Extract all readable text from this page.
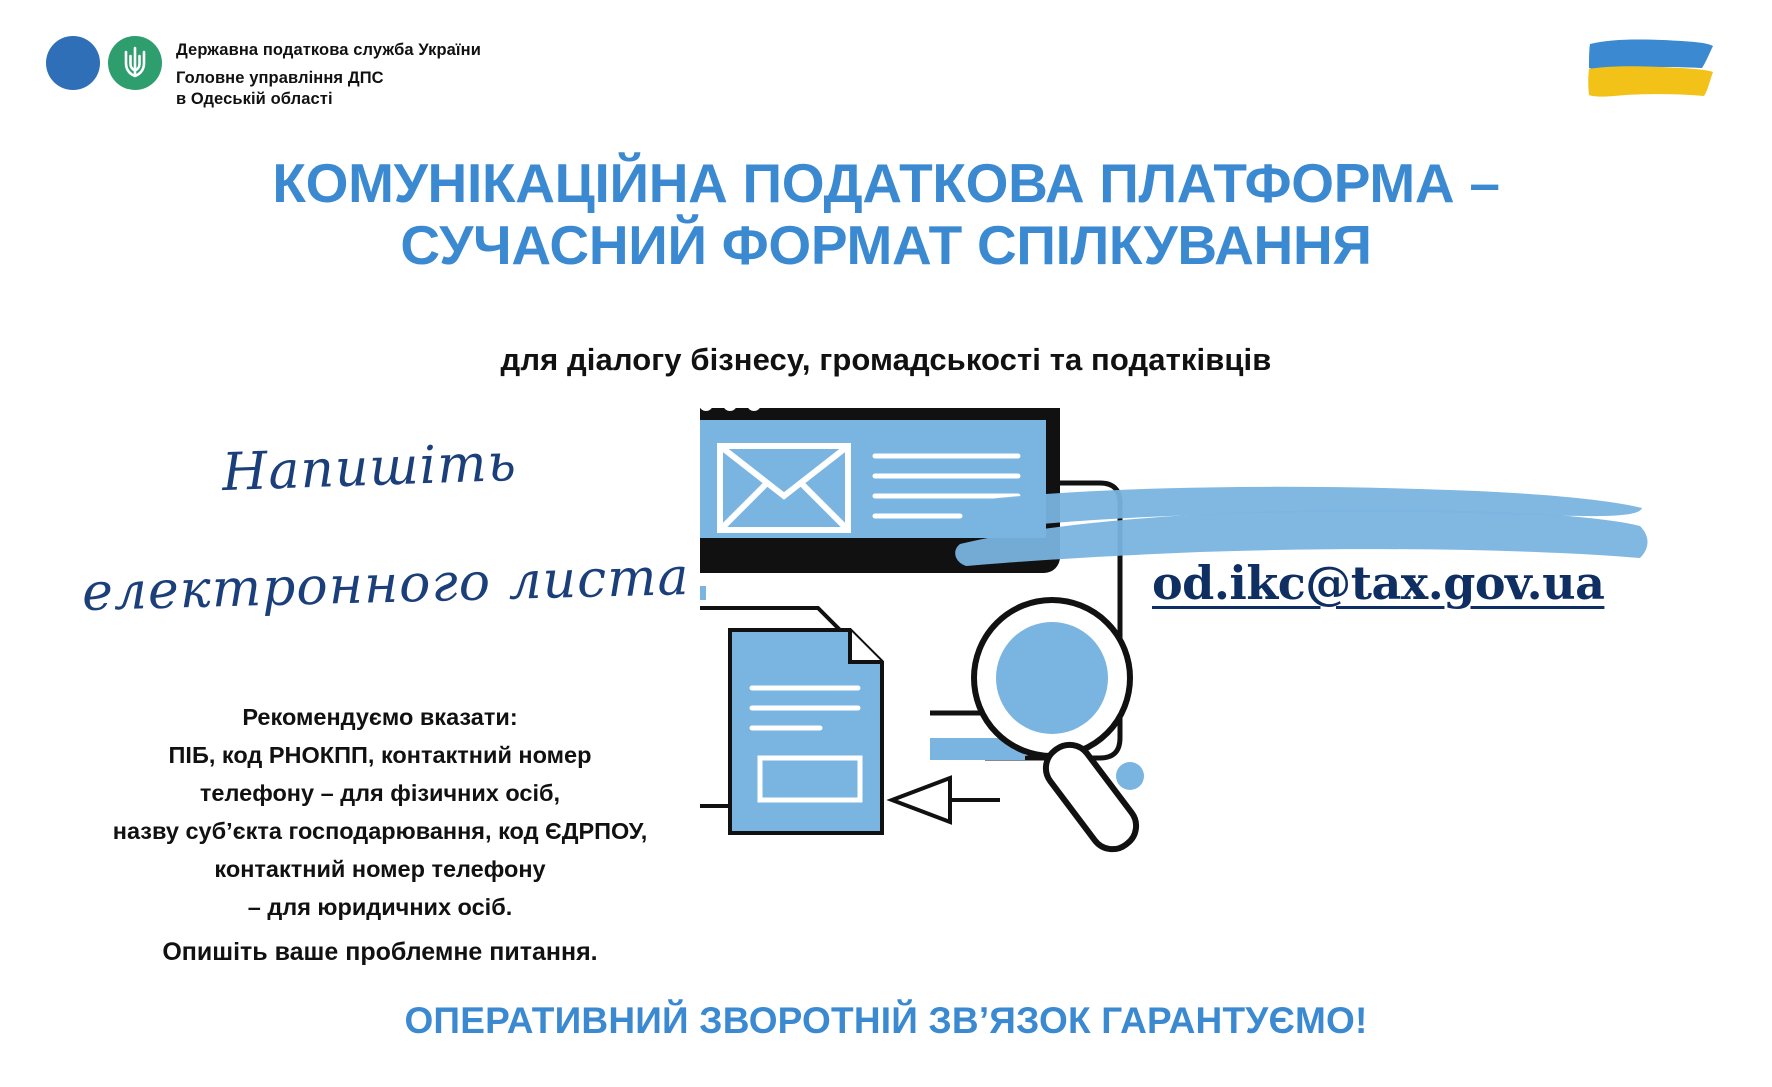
Державна податкова служба України
Головне управління ДПС
в Одеській області
КОМУНІКАЦІЙНА ПОДАТКОВА ПЛАТФОРМА –
СУЧАСНИЙ ФОРМАТ СПІЛКУВАННЯ
для діалогу бізнесу, громадськості та податківців
Напишіть
електронного листа
Рекомендуємо вказати:
ПІБ, код РНОКПП, контактний номер
телефону – для фізичних осіб,
назву суб’єкта господарювання, код ЄДРПОУ,
контактний номер телефону
– для юридичних осіб.
Опишіть ваше проблемне питання.
od.ikc@tax.gov.ua
ОПЕРАТИВНИЙ ЗВОРОТНІЙ ЗВ’ЯЗОК ГАРАНТУЄМО!
